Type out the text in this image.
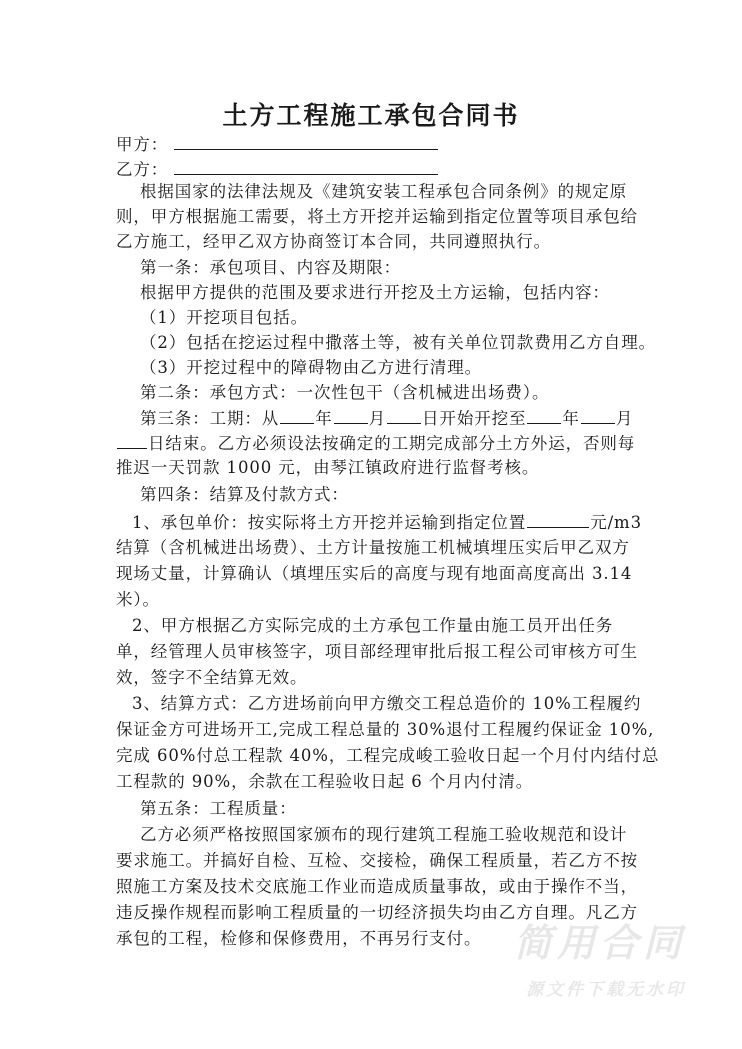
土方工程施工承包合同书
甲方：
乙方：
根据国家的法律法规及《建筑安装工程承包合同条例》的规定原
则，甲方根据施工需要，将土方开挖并运输到指定位置等项目承包给
乙方施工，经甲乙双方协商签订本合同，共同遵照执行。
第一条：承包项目、内容及期限：
根据甲方提供的范围及要求进行开挖及土方运输，包括内容：
（1）开挖项目包括。
（2）包括在挖运过程中撒落土等，被有关单位罚款费用乙方自理。
（3）开挖过程中的障碍物由乙方进行清理。
第二条：承包方式：一次性包干（含机械进出场费）。
第三条：工期：从 年 月 日开始开挖至 年 月
日结束。乙方必须设法按确定的工期完成部分土方外运，否则每
推迟一天罚款 1000 元，由琴江镇政府进行监督考核。
第四条：结算及付款方式：
1、承包单价：按实际将土方开挖并运输到指定位置	元/m3
结算（含机械进出场费）、土方计量按施工机械填埋压实后甲乙双方
现场丈量，计算确认（填埋压实后的高度与现有地面高度高出 3.14
米）。
2、甲方根据乙方实际完成的土方承包工作量由施工员开出任务
单，经管理人员审核签字，项目部经理审批后报工程公司审核方可生
效，签字不全结算无效。
3、结算方式：乙方进场前向甲方缴交工程总造价的 10%工程履约
保证金方可进场开工,完成工程总量的 30%退付工程履约保证金 10%,
完成 60%付总工程款 40%，工程完成峻工验收日起一个月付内结付总
工程款的 90%，余款在工程验收日起 6 个月内付清。
第五条：工程质量：
乙方必须严格按照国家颁布的现行建筑工程施工验收规范和设计
要求施工。并搞好自检、互检、交接检，确保工程质量，若乙方不按
照施工方案及技术交底施工作业而造成质量事故，或由于操作不当，
违反操作规程而影响工程质量的一切经济损失均由乙方自理。凡乙方
承包的工程，检修和保修费用，不再另行支付。 简用合同
源文件下载无水印
